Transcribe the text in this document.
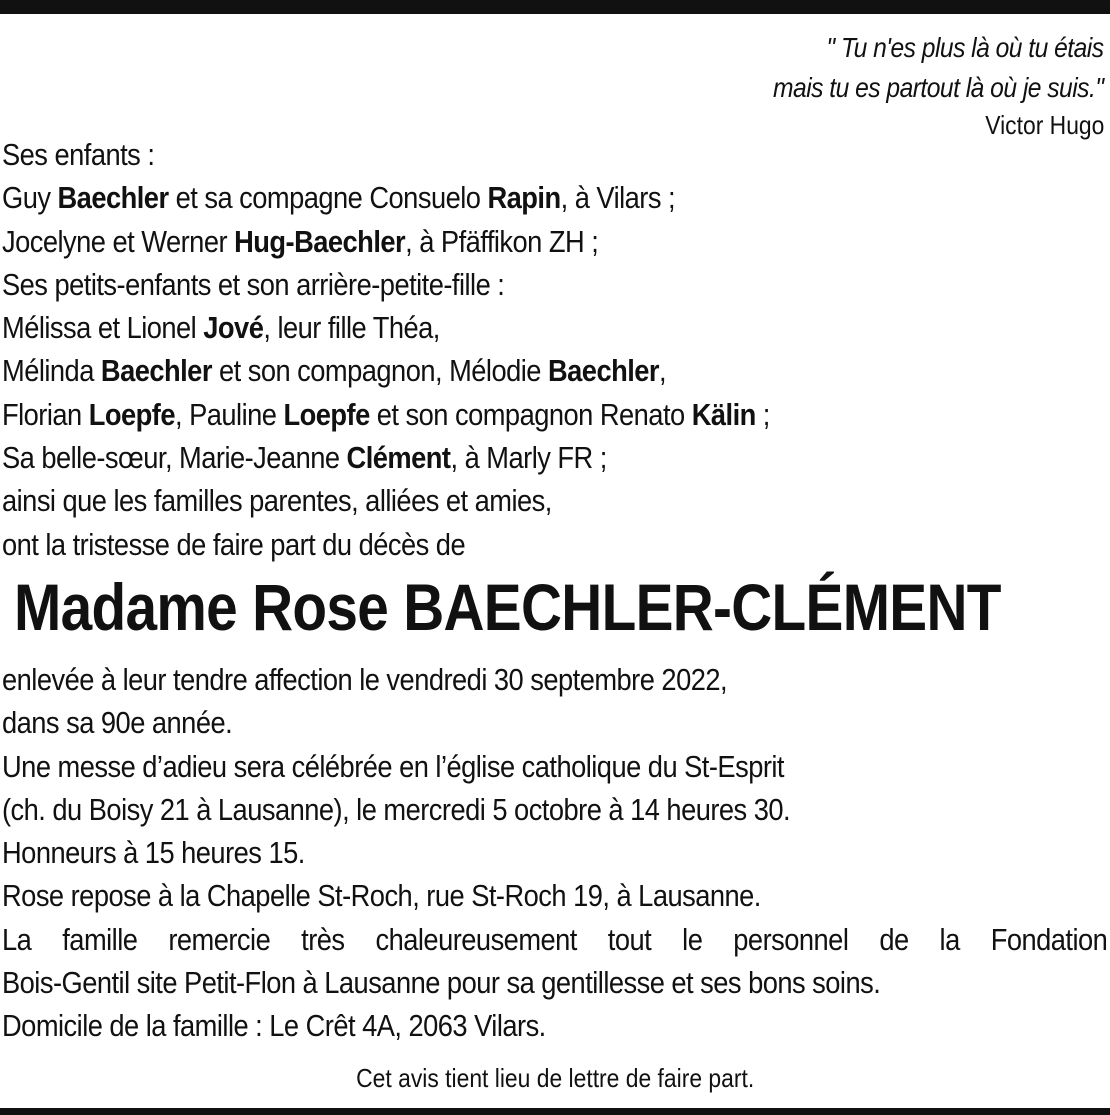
" Tu n'es plus là où tu étais
mais tu es partout là où je suis."
Victor Hugo
Ses enfants :
Guy Baechler et sa compagne Consuelo Rapin, à Vilars ;
Jocelyne et Werner Hug-Baechler, à Pfäffikon ZH ;
Ses petits-enfants et son arrière-petite-fille :
Mélissa et Lionel Jové, leur fille Théa,
Mélinda Baechler et son compagnon, Mélodie Baechler,
Florian Loepfe, Pauline Loepfe et son compagnon Renato Kälin ;
Sa belle-sœur, Marie-Jeanne Clément, à Marly FR ;
ainsi que les familles parentes, alliées et amies,
ont la tristesse de faire part du décès de
Madame Rose BAECHLER-CLÉMENT
enlevée à leur tendre affection le vendredi 30 septembre 2022,
dans sa 90e année.
Une messe d’adieu sera célébrée en l’église catholique du St-Esprit
(ch. du Boisy 21 à Lausanne), le mercredi 5 octobre à 14 heures 30.
Honneurs à 15 heures 15.
Rose repose à la Chapelle St-Roch, rue St-Roch 19, à Lausanne.
La famille remercie très chaleureusement tout le personnel de la Fondation
Bois-Gentil site Petit-Flon à Lausanne pour sa gentillesse et ses bons soins.
Domicile de la famille : Le Crêt 4A, 2063 Vilars.
Cet avis tient lieu de lettre de faire part.
